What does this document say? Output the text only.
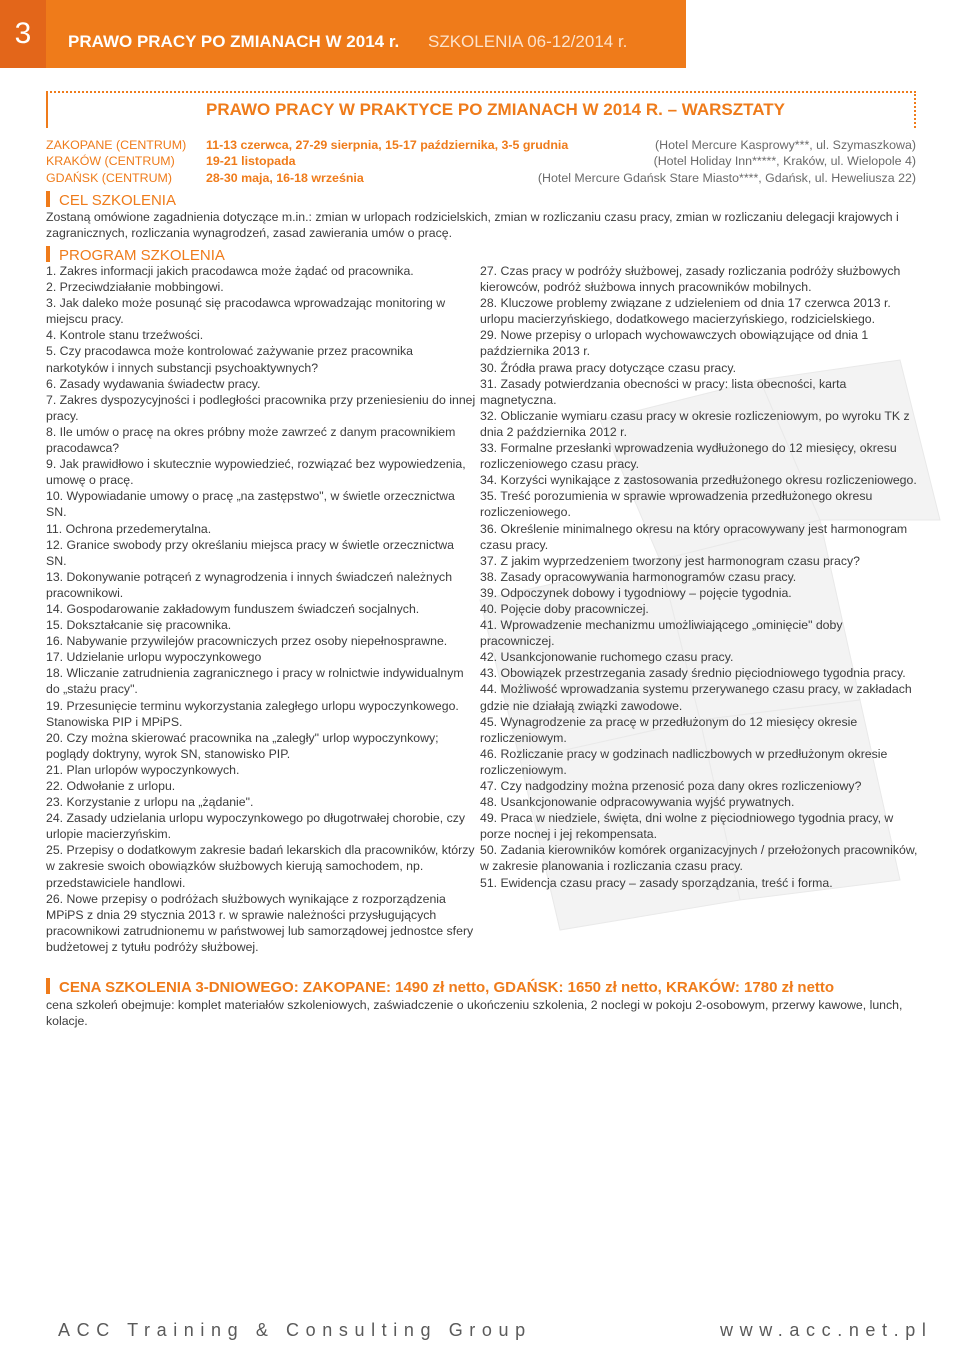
3	PRAWO PRACY PO ZMIANACH W 2014 r. SZKOLENIA 06-12/2014 r.
PRAWO PRACY W PRAKTYCE PO ZMIANACH W 2014 R. – WARSZTATY
ZAKOPANE (CENTRUM) 11-13 czerwca, 27-29 sierpnia, 15-17 października, 3-5 grudnia	(Hotel Mercure Kasprowy***, ul. Szymaszkowa)
KRAKÓW (CENTRUM)	19-21 listopada	(Hotel Holiday Inn*****, Kraków, ul. Wielopole 4)
GDAŃSK (CENTRUM)	28-30 maja, 16-18 września	(Hotel Mercure Gdańsk Stare Miasto****, Gdańsk, ul. Heweliusza 22)
CEL SZKOLENIA
Zostaną omówione zagadnienia dotyczące m.in.: zmian w urlopach rodzicielskich, zmian w rozliczaniu czasu pracy, zmian w rozliczaniu delegacji krajowych i zagranicznych, rozliczania wynagrodzeń, zasad zawierania umów o pracę.
PROGRAM SZKOLENIA
1. Zakres informacji jakich pracodawca może żądać od pracownika.
2. Przeciwdziałanie mobbingowi.
3. Jak daleko może posunąć się pracodawca wprowadzając monitoring w miejscu pracy.
4. Kontrole stanu trzeźwości.
5. Czy pracodawca może kontrolować zażywanie przez pracownika narkotyków i innych substancji psychoaktywnych?
6. Zasady wydawania świadectw pracy.
7. Zakres dyspozycyjności i podległości pracownika przy przeniesieniu do innej pracy.
8. Ile umów o pracę na okres próbny może zawrzeć z danym pracownikiem pracodawca?
9. Jak prawidłowo i skutecznie wypowiedzieć, rozwiązać bez wypowiedzenia, umowę o pracę.
10. Wypowiadanie umowy o pracę „na zastępstwo", w świetle orzecznictwa SN.
11. Ochrona przedemerytalna.
12. Granice swobody przy określaniu miejsca pracy w świetle orzecznictwa SN.
13. Dokonywanie potrąceń z wynagrodzenia i innych świadczeń należnych pracownikowi.
14. Gospodarowanie zakładowym funduszem świadczeń socjalnych.
15. Dokształcanie się pracownika.
16. Nabywanie przywilejów pracowniczych przez osoby niepełnosprawne.
17. Udzielanie urlopu wypoczynkowego
18. Wliczanie zatrudnienia zagranicznego i pracy w rolnictwie indywidualnym do „stażu pracy".
19. Przesunięcie terminu wykorzystania zaległego urlopu wypoczynkowego. Stanowiska PIP i MPiPS.
20. Czy można skierować pracownika na „zaległy" urlop wypoczynkowy; poglądy doktryny, wyrok SN, stanowisko PIP.
21. Plan urlopów wypoczynkowych.
22. Odwołanie z urlopu.
23. Korzystanie z urlopu na „żądanie".
24. Zasady udzielania urlopu wypoczynkowego po długotrwałej chorobie, czy urlopie macierzyńskim.
25. Przepisy o dodatkowym zakresie badań lekarskich dla pracowników, którzy w zakresie swoich obowiązków służbowych kierują samochodem, np. przedstawiciele handlowi.
26. Nowe przepisy o podróżach służbowych wynikające z rozporządzenia MPiPS z dnia 29 stycznia 2013 r. w sprawie należności przysługujących pracownikowi zatrudnionemu w państwowej lub samorządowej jednostce sfery budżetowej z tytułu podróży służbowej.
27. Czas pracy w podróży służbowej, zasady rozliczania podróży służbowych kierowców, podróż służbowa innych pracowników mobilnych.
28. Kluczowe problemy związane z udzieleniem od dnia 17 czerwca 2013 r. urlopu macierzyńskiego, dodatkowego macierzyńskiego, rodzicielskiego.
29. Nowe przepisy o urlopach wychowawczych obowiązujące od dnia 1 października 2013 r.
30. Źródła prawa pracy dotyczące czasu pracy.
31. Zasady potwierdzania obecności w pracy: lista obecności, karta magnetyczna.
32. Obliczanie wymiaru czasu pracy w okresie rozliczeniowym, po wyroku TK z dnia 2 października 2012 r.
33. Formalne przesłanki wprowadzenia wydłużonego do 12 miesięcy, okresu rozliczeniowego czasu pracy.
34. Korzyści wynikające z zastosowania przedłużonego okresu rozliczeniowego.
35. Treść porozumienia w sprawie wprowadzenia przedłużonego okresu rozliczeniowego.
36. Określenie minimalnego okresu na który opracowywany jest harmonogram czasu pracy.
37. Z jakim wyprzedzeniem tworzony jest harmonogram czasu pracy?
38. Zasady opracowywania harmonogramów czasu pracy.
39. Odpoczynek dobowy i tygodniowy – pojęcie tygodnia.
40. Pojęcie doby pracowniczej.
41. Wprowadzenie mechanizmu umożliwiającego „ominięcie" doby pracowniczej.
42. Usankcjonowanie ruchomego czasu pracy.
43. Obowiązek przestrzegania zasady średnio pięciodniowego tygodnia pracy.
44. Możliwość wprowadzania systemu przerywanego czasu pracy, w zakładach gdzie nie działają związki zawodowe.
45. Wynagrodzenie za pracę w przedłużonym do 12 miesięcy okresie rozliczeniowym.
46. Rozliczanie pracy w godzinach nadliczbowych w przedłużonym okresie rozliczeniowym.
47. Czy nadgodziny można przenosić poza dany okres rozliczeniowy?
48. Usankcjonowanie odpracowywania wyjść prywatnych.
49. Praca w niedziele, święta, dni wolne z pięciodniowego tygodnia pracy, w porze nocnej i jej rekompensata.
50. Zadania kierowników komórek organizacyjnych / przełożonych pracowników, w zakresie planowania i rozliczania czasu pracy.
51. Ewidencja czasu pracy – zasady sporządzania, treść i forma.
CENA SZKOLENIA 3-DNIOWEGO: ZAKOPANE: 1490 zł netto, GDAŃSK: 1650 zł netto, KRAKÓW: 1780 zł netto
cena szkoleń obejmuje: komplet materiałów szkoleniowych, zaświadczenie o ukończeniu szkolenia, 2 noclegi w pokoju 2-osobowym, przerwy kawowe, lunch, kolacje.
ACC Training & Consulting Group	www.acc.net.pl
